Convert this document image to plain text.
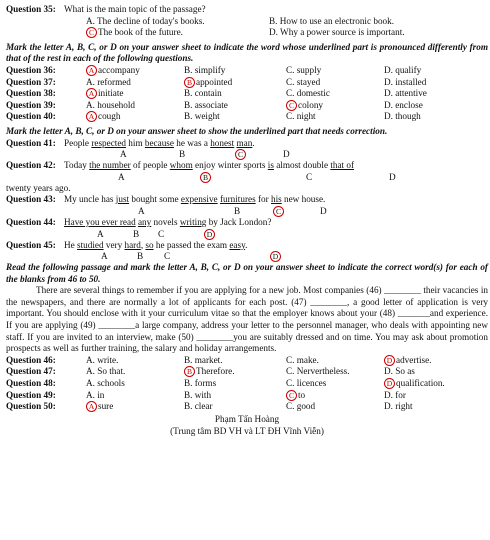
Question 35: What is the main topic of the passage?
A. The decline of today's books.	B. How to use an electronic book.
C The book of the future.	D. Why a power source is important.
Mark the letter A, B, C, or D on your answer sheet to indicate the word whose underlined part is pronounced differently from that of the rest in each of the following questions.
Question 36:	A accompany	B. simplify	C. supply	D. qualify
Question 37:	A. reformed	B appointed	C. stayed	D. installed
Question 38:	A initiate	B. contain	C. domestic	D. attentive
Question 39:	A. household	B. associate	C colony	D. enclose
Question 40:	A cough	B. weight	C. night	D. though
Mark the letter A, B, C, or D on your answer sheet to show the underlined part that needs correction.
Question 41: People respected him because he was a honest man.
A	B	C	D
Question 42: Today the number of people whom enjoy winter sports is almost double that of
A	B	C	D
twenty years ago.
Question 43: My uncle has just bought some expensive furnitures for his new house.
A	B	C	D
Question 44: Have you ever read any novels writing by Jack London?
A	B C	D
Question 45: He studied very hard, so he passed the exam easy.
A	B C	D
Read the following passage and mark the letter A, B, C, or D on your answer sheet to indicate the correct word(s) for each of the blanks from 46 to 50.
There are several things to remember if you are applying for a new job. Most companies (46) ________ their vacancies in the newspapers, and there are normally a lot of applicants for each post. (47) ________, a good letter of application is very important. You should enclose with it your curriculum vitae so that the employer knows about your (48) _______and experience. If you are applying (49) ________a large company, address your letter to the personnel manager, who deals with appointing new staff. If you are invited to an interview, make (50) ________you are suitably dressed and on time. You may ask about promotion prospects as well as further training, the salary and holiday arrangements.
Question 46:	A. write.	B. market.	C. make.	D advertise.
Question 47:	A. So that.	B Therefore.	C. Nervertheless.	D. So as
Question 48:	A. schools	B. forms	C. licences	D qualification.
Question 49:	A. in	B. with	C to	D. for
Question 50:	A sure	B. clear	C. good	D. right
Phạm Tấn Hoàng
(Trung tâm BD VH và LT ĐH Vĩnh Viễn)
